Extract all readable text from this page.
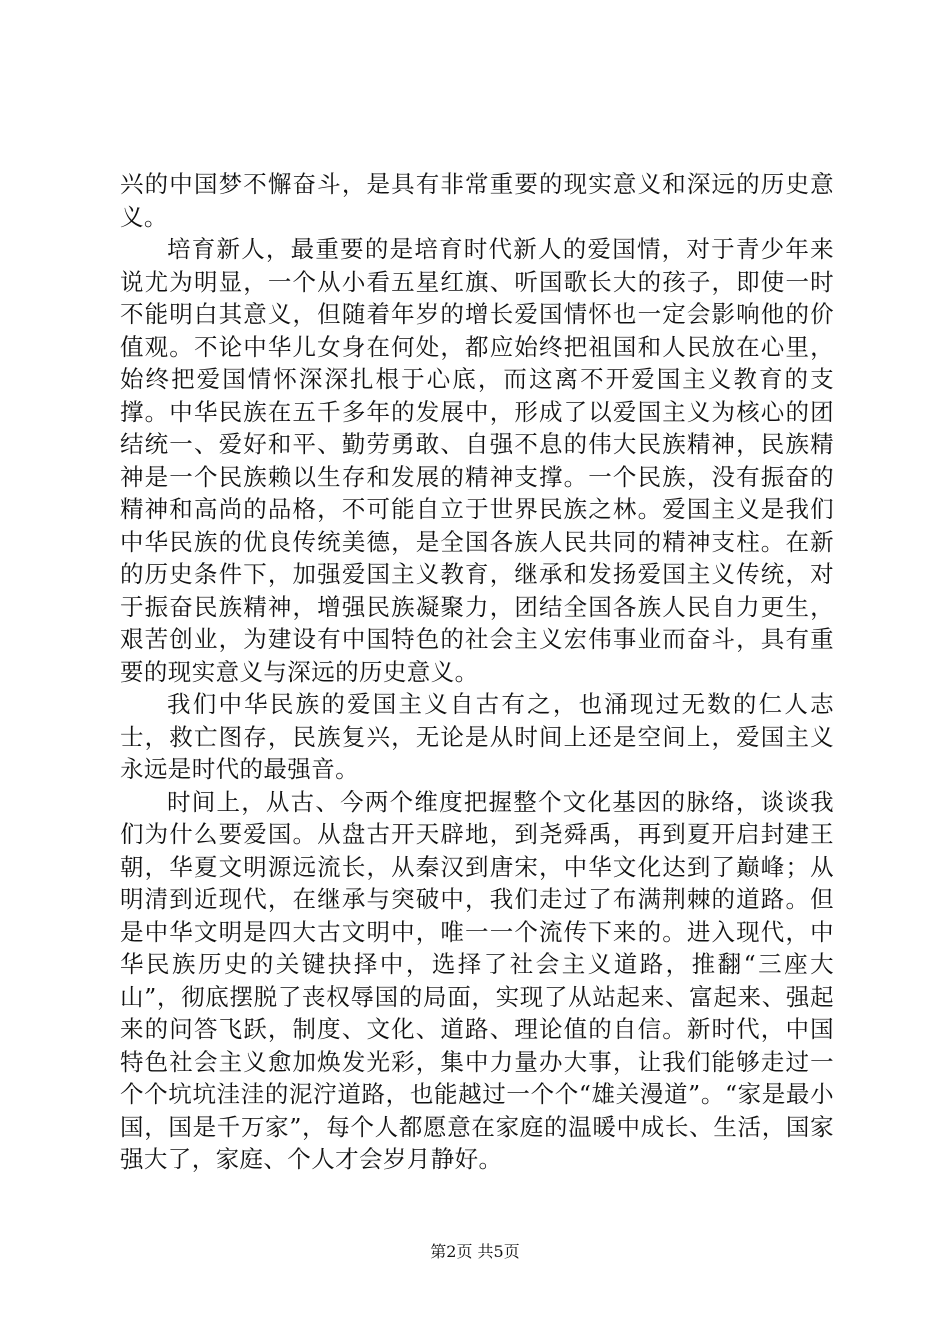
兴的中国梦不懈奋斗，是具有非常重要的现实意义和深远的历史意义。

培育新人，最重要的是培育时代新人的爱国情，对于青少年来说尤为明显，一个从小看五星红旗、听国歌长大的孩子，即使一时不能明白其意义，但随着年岁的增长爱国情怀也一定会影响他的价值观。不论中华儿女身在何处，都应始终把祖国和人民放在心里，始终把爱国情怀深深扎根于心底，而这离不开爱国主义教育的支撑。中华民族在五千多年的发展中，形成了以爱国主义为核心的团结统一、爱好和平、勤劳勇敢、自强不息的伟大民族精神，民族精神是一个民族赖以生存和发展的精神支撑。一个民族，没有振奋的精神和高尚的品格，不可能自立于世界民族之林。爱国主义是我们中华民族的优良传统美德，是全国各族人民共同的精神支柱。在新的历史条件下，加强爱国主义教育，继承和发扬爱国主义传统，对于振奋民族精神，增强民族凝聚力，团结全国各族人民自力更生，艰苦创业，为建设有中国特色的社会主义宏伟事业而奋斗，具有重要的现实意义与深远的历史意义。

我们中华民族的爱国主义自古有之，也涌现过无数的仁人志士，救亡图存，民族复兴，无论是从时间上还是空间上，爱国主义永远是时代的最强音。

时间上，从古、今两个维度把握整个文化基因的脉络，谈谈我们为什么要爱国。从盘古开天辟地，到尧舜禹，再到夏开启封建王朝，华夏文明源远流长，从秦汉到唐宋，中华文化达到了巅峰；从明清到近现代，在继承与突破中，我们走过了布满荆棘的道路。但是中华文明是四大古文明中，唯一一个流传下来的。进入现代，中华民族历史的关键抉择中，选择了社会主义道路，推翻“三座大山”，彻底摆脱了丧权辱国的局面，实现了从站起来、富起来、强起来的问答飞跃，制度、文化、道路、理论值的自信。新时代，中国特色社会主义愈加焕发光彩，集中力量办大事，让我们能够走过一个个坑坑洼洼的泥泞道路，也能越过一个个“雄关漫道”。“家是最小国，国是千万家”，每个人都愿意在家庭的温暖中成长、生活，国家强大了，家庭、个人才会岁月静好。

第2页 共5页
